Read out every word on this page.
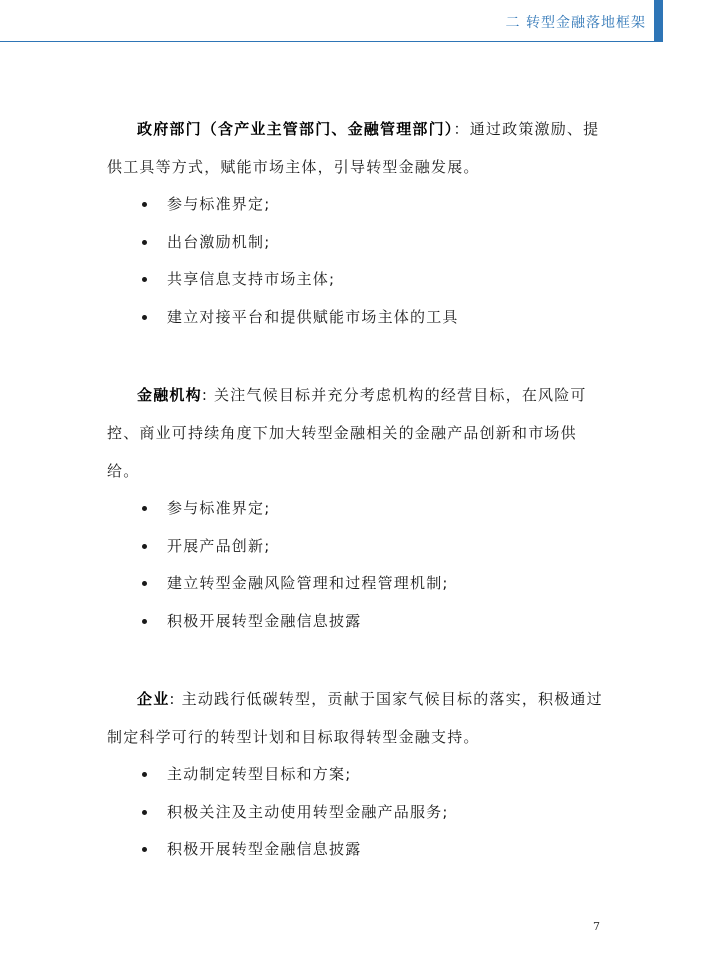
二 转型金融落地框架

政府部门（含产业主管部门、金融管理部门）：通过政策激励、提供工具等方式，赋能市场主体，引导转型金融发展。

参与标准界定;
出台激励机制;
共享信息支持市场主体;
建立对接平台和提供赋能市场主体的工具

金融机构: 关注气候目标并充分考虑机构的经营目标，在风险可控、商业可持续角度下加大转型金融相关的金融产品创新和市场供给。

参与标准界定;
开展产品创新;
建立转型金融风险管理和过程管理机制;
积极开展转型金融信息披露

企业: 主动践行低碳转型，贡献于国家气候目标的落实，积极通过制定科学可行的转型计划和目标取得转型金融支持。

主动制定转型目标和方案;
积极关注及主动使用转型金融产品服务;
积极开展转型金融信息披露
7
